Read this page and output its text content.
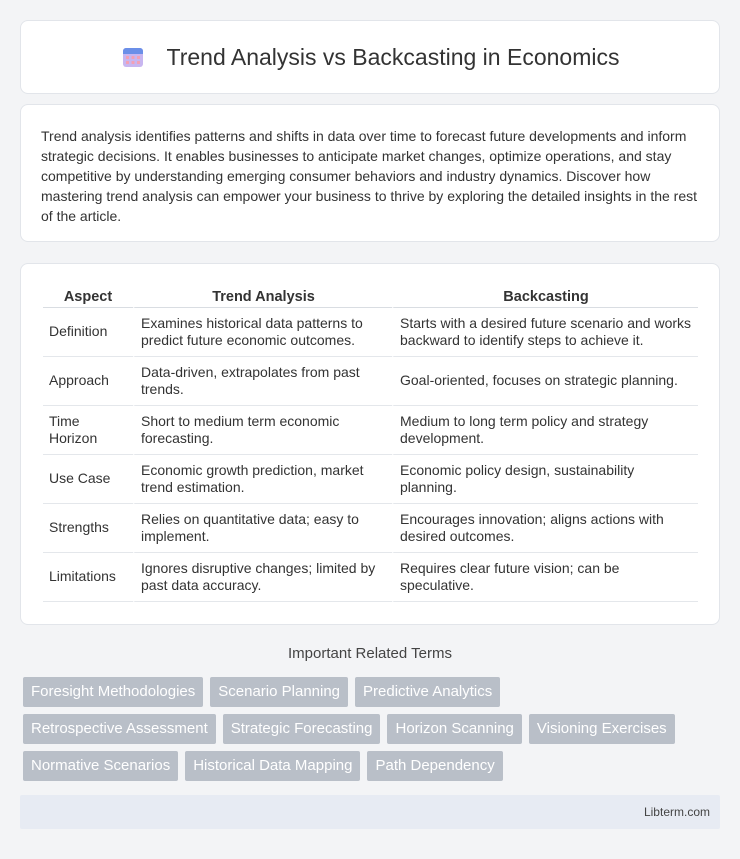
Trend Analysis vs Backcasting in Economics

Trend analysis identifies patterns and shifts in data over time to forecast future developments and inform strategic decisions. It enables businesses to anticipate market changes, optimize operations, and stay competitive by understanding emerging consumer behaviors and industry dynamics. Discover how mastering trend analysis can empower your business to thrive by exploring the detailed insights in the rest of the article.

Aspect	Trend Analysis	Backcasting
Definition	Examines historical data patterns to predict future economic outcomes.	Starts with a desired future scenario and works backward to identify steps to achieve it.
Approach	Data-driven, extrapolates from past trends.	Goal-oriented, focuses on strategic planning.
Time Horizon	Short to medium term economic forecasting.	Medium to long term policy and strategy development.
Use Case	Economic growth prediction, market trend estimation.	Economic policy design, sustainability planning.
Strengths	Relies on quantitative data; easy to implement.	Encourages innovation; aligns actions with desired outcomes.
Limitations	Ignores disruptive changes; limited by past data accuracy.	Requires clear future vision; can be speculative.
Important Related Terms
Foresight Methodologies	Scenario Planning	Predictive Analytics
Retrospective Assessment	Strategic Forecasting	Horizon Scanning	Visioning Exercises
Normative Scenarios	Historical Data Mapping	Path Dependency
Libterm.com
